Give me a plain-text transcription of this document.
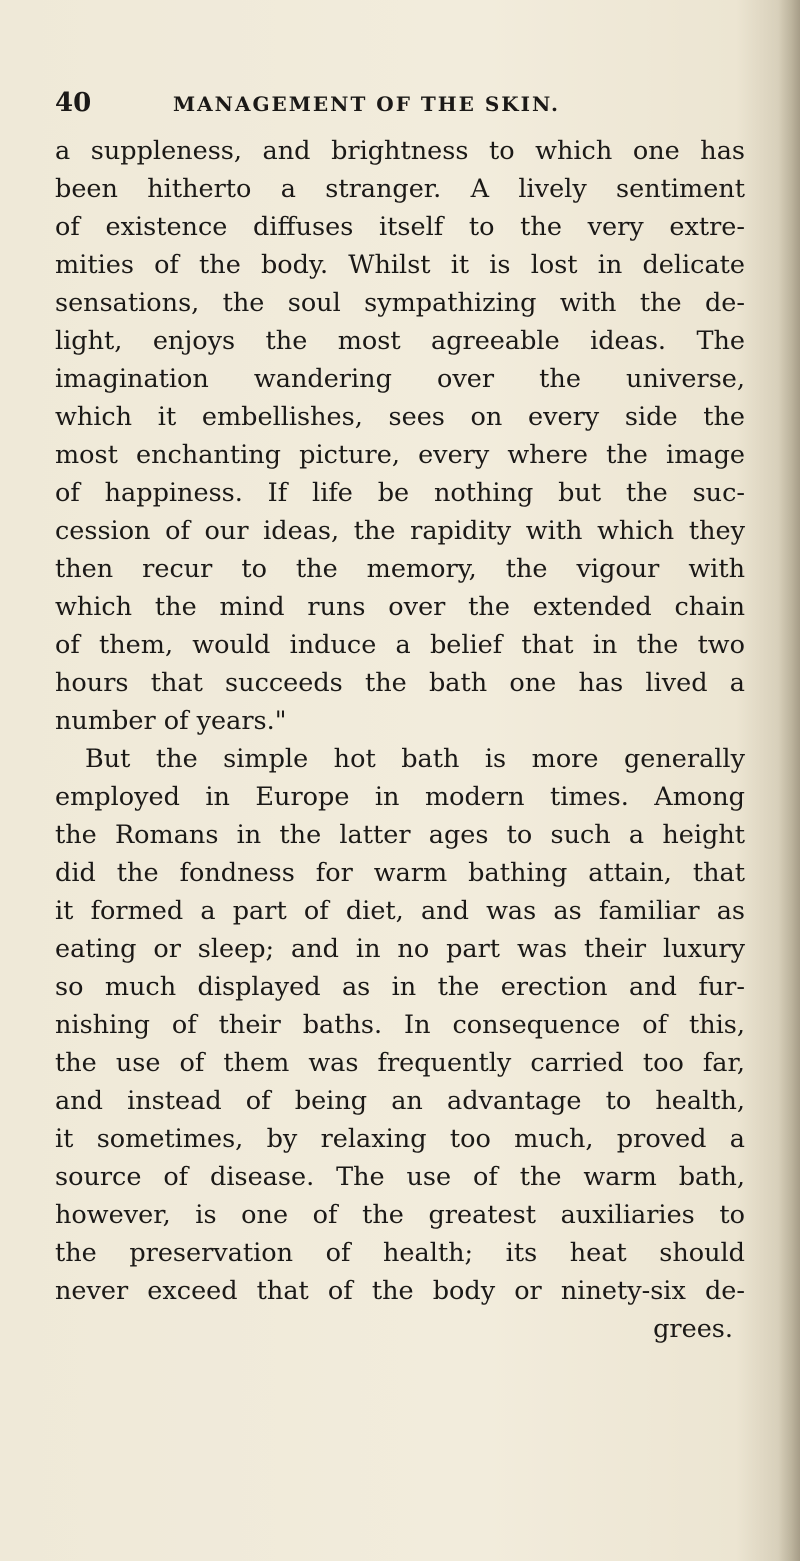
40	MANAGEMENT OF THE SKIN.
a suppleness, and brightness to which one has
been hitherto a stranger. A lively sentiment
of existence diffuses itself to the very extre-
mities of the body. Whilst it is lost in delicate
sensations, the soul sympathizing with the de-
light, enjoys the most agreeable ideas. The
imagination wandering over the universe,
which it embellishes, sees on every side the
most enchanting picture, every where the image
of happiness. If life be nothing but the suc-
cession of our ideas, the rapidity with which they
then recur to the memory, the vigour with
which the mind runs over the extended chain
of them, would induce a belief that in the two
hours that succeeds the bath one has lived a
number of years."
But the simple hot bath is more generally
employed in Europe in modern times. Among
the Romans in the latter ages to such a height
did the fondness for warm bathing attain, that
it formed a part of diet, and was as familiar as
eating or sleep; and in no part was their luxury
so much displayed as in the erection and fur-
nishing of their baths. In consequence of this,
the use of them was frequently carried too far,
and instead of being an advantage to health,
it sometimes, by relaxing too much, proved a
source of disease. The use of the warm bath,
however, is one of the greatest auxiliaries to
the preservation of health; its heat should
never exceed that of the body or ninety-six de-
grees.
